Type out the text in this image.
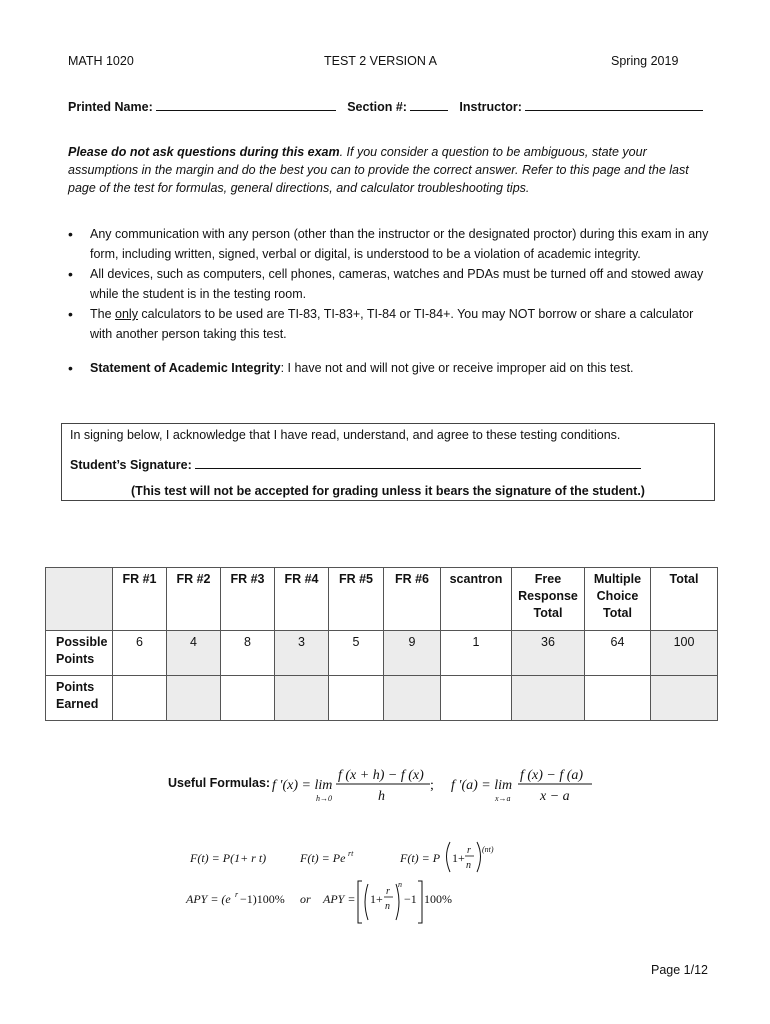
MATH 1020	TEST 2 VERSION A	Spring 2019
Printed Name:	Section #:	Instructor:
Please do not ask questions during this exam. If you consider a question to be ambiguous, state your assumptions in the margin and do the best you can to provide the correct answer. Refer to this page and the last page of the test for formulas, general directions, and calculator troubleshooting tips.
• Any communication with any person (other than the instructor or the designated proctor) during this exam in any form, including written, signed, verbal or digital, is understood to be a violation of academic integrity.
• All devices, such as computers, cell phones, cameras, watches and PDAs must be turned off and stowed away while the student is in the testing room.
• The only calculators to be used are TI-83, TI-83+, TI-84 or TI-84+. You may NOT borrow or share a calculator with another person taking this test.
• Statement of Academic Integrity: I have not and will not give or receive improper aid on this test.
In signing below, I acknowledge that I have read, understand, and agree to these testing conditions.
Student’s Signature:
(This test will not be accepted for grading unless it bears the signature of the student.)
	FR #1	FR #2	FR #3	FR #4	FR #5	FR #6	scantron	Free Response Total	Multiple Choice Total	Total
Possible Points	6	4	8	3	5	9	1	36	64	100
Points Earned										
Useful Formulas: f ′(x) = lim
h→0
f (x + h) − f (x)
h
; f ′(a) = lim
x→a
f (x) − f (a)
x − a
F(t) = P(1+ r t)	F(t) = Pe rt	F(t) = P 1+
r
n
(nt)
APY = (e r −1)100% or APY = 1+
r
n
n
−1 100%
Page 1/12
